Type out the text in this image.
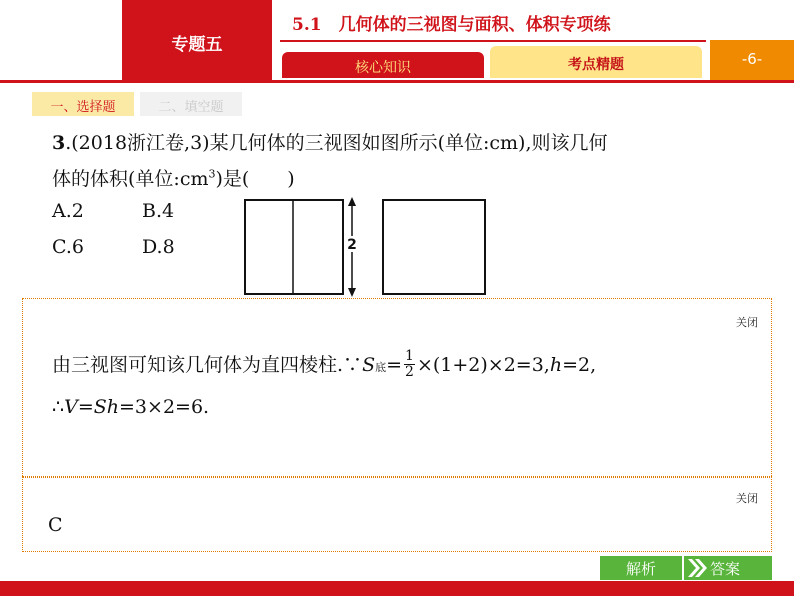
专题五
5.1　几何体的三视图与面积、体积专项练
核心知识	考点精题	-6-
一、选择题	二、填空题
3.(2018浙江卷,3)某几何体的三视图如图所示(单位:cm),则该几何
体的体积(单位$:cm^3$)是(　　)
A.2	B.4
C.6	D.8	2
关闭
由三视图可知该几何体为直四棱柱.∵S底= $\frac{1}{2} \times(1+2)\times 2=3,h=2$,
∴V=Sh=3×2=6.
关闭
C
解析	答案
